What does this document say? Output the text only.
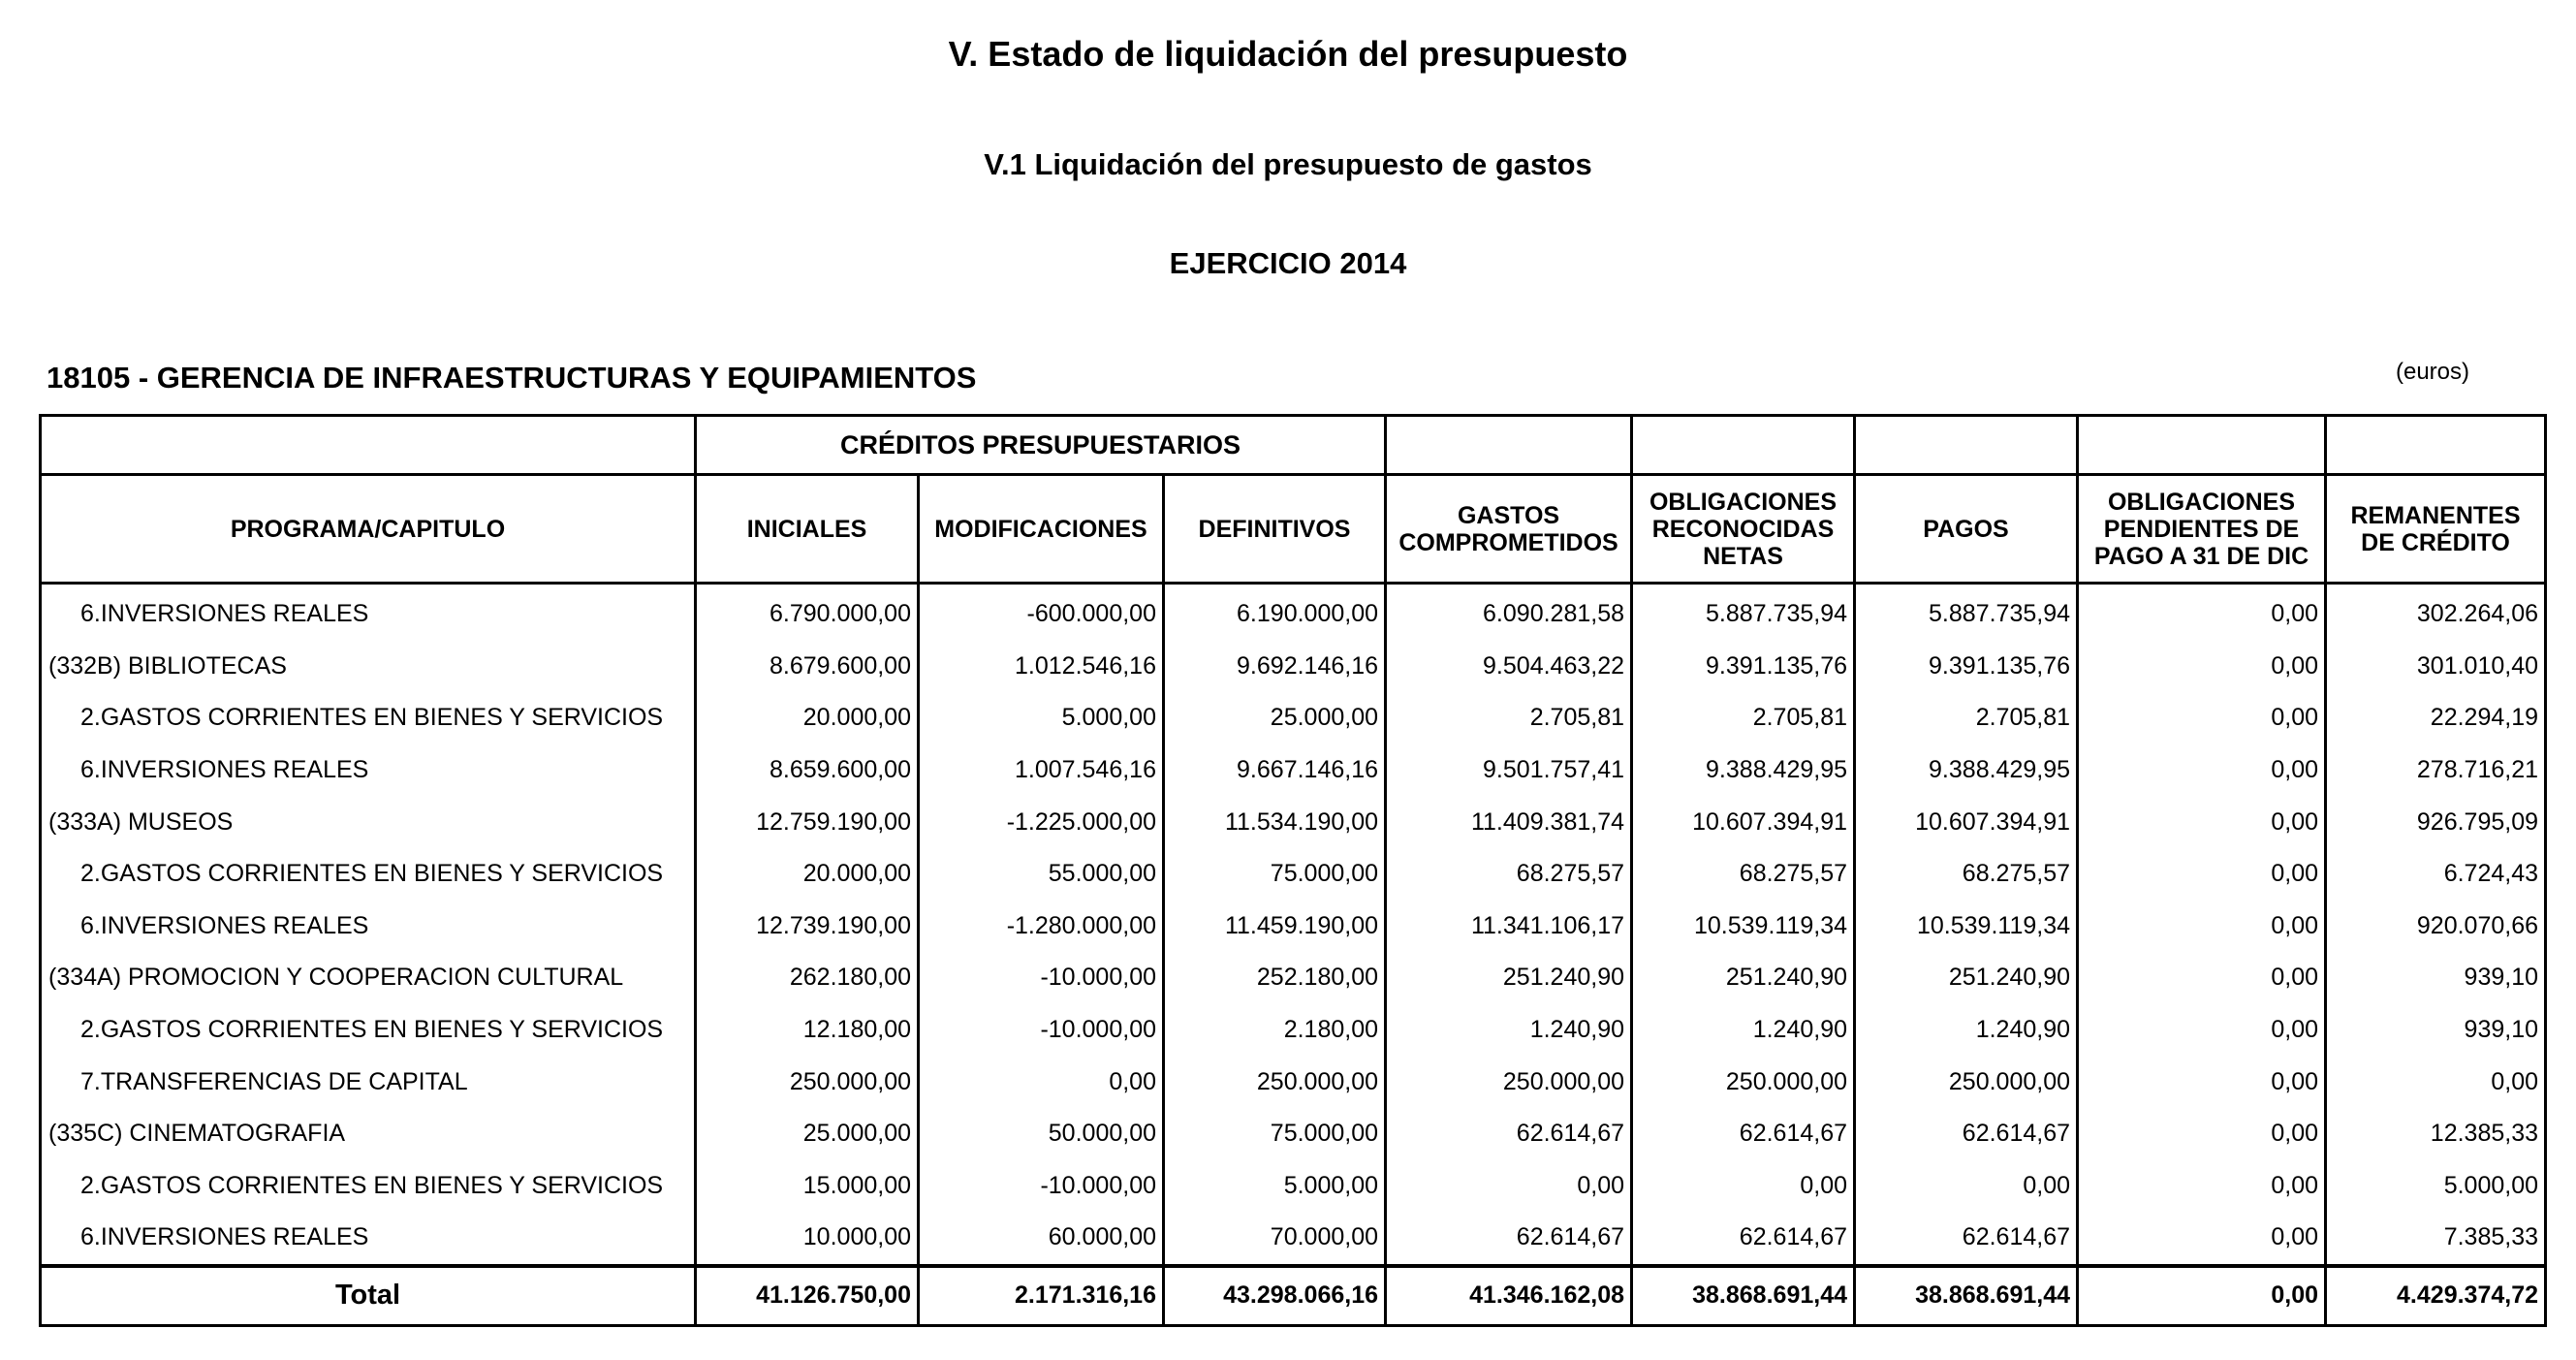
V. Estado de liquidación del presupuesto
V.1 Liquidación del presupuesto de gastos
EJERCICIO 2014
18105 - GERENCIA DE INFRAESTRUCTURAS Y EQUIPAMIENTOS	(euros)
	CRÉDITOS PRESUPUESTARIOS							
PROGRAMA/CAPITULO	INICIALES	MODIFICACIONES	DEFINITIVOS	GASTOS COMPROMETIDOS	OBLIGACIONES RECONOCIDAS NETAS	PAGOS	OBLIGACIONES PENDIENTES DE PAGO A 31 DE DIC	REMANENTES DE CRÉDITO
6.INVERSIONES REALES	6.790.000,00	-600.000,00	6.190.000,00	6.090.281,58	5.887.735,94	5.887.735,94	0,00	302.264,06
(332B) BIBLIOTECAS	8.679.600,00	1.012.546,16	9.692.146,16	9.504.463,22	9.391.135,76	9.391.135,76	0,00	301.010,40
2.GASTOS CORRIENTES EN BIENES Y SERVICIOS	20.000,00	5.000,00	25.000,00	2.705,81	2.705,81	2.705,81	0,00	22.294,19
6.INVERSIONES REALES	8.659.600,00	1.007.546,16	9.667.146,16	9.501.757,41	9.388.429,95	9.388.429,95	0,00	278.716,21
(333A) MUSEOS	12.759.190,00	-1.225.000,00	11.534.190,00	11.409.381,74	10.607.394,91	10.607.394,91	0,00	926.795,09
2.GASTOS CORRIENTES EN BIENES Y SERVICIOS	20.000,00	55.000,00	75.000,00	68.275,57	68.275,57	68.275,57	0,00	6.724,43
6.INVERSIONES REALES	12.739.190,00	-1.280.000,00	11.459.190,00	11.341.106,17	10.539.119,34	10.539.119,34	0,00	920.070,66
(334A) PROMOCION Y COOPERACION CULTURAL	262.180,00	-10.000,00	252.180,00	251.240,90	251.240,90	251.240,90	0,00	939,10
2.GASTOS CORRIENTES EN BIENES Y SERVICIOS	12.180,00	-10.000,00	2.180,00	1.240,90	1.240,90	1.240,90	0,00	939,10
7.TRANSFERENCIAS DE CAPITAL	250.000,00	0,00	250.000,00	250.000,00	250.000,00	250.000,00	0,00	0,00
(335C) CINEMATOGRAFIA	25.000,00	50.000,00	75.000,00	62.614,67	62.614,67	62.614,67	0,00	12.385,33
2.GASTOS CORRIENTES EN BIENES Y SERVICIOS	15.000,00	-10.000,00	5.000,00	0,00	0,00	0,00	0,00	5.000,00
6.INVERSIONES REALES	10.000,00	60.000,00	70.000,00	62.614,67	62.614,67	62.614,67	0,00	7.385,33
Total	41.126.750,00	2.171.316,16	43.298.066,16	41.346.162,08	38.868.691,44	38.868.691,44	0,00	4.429.374,72
